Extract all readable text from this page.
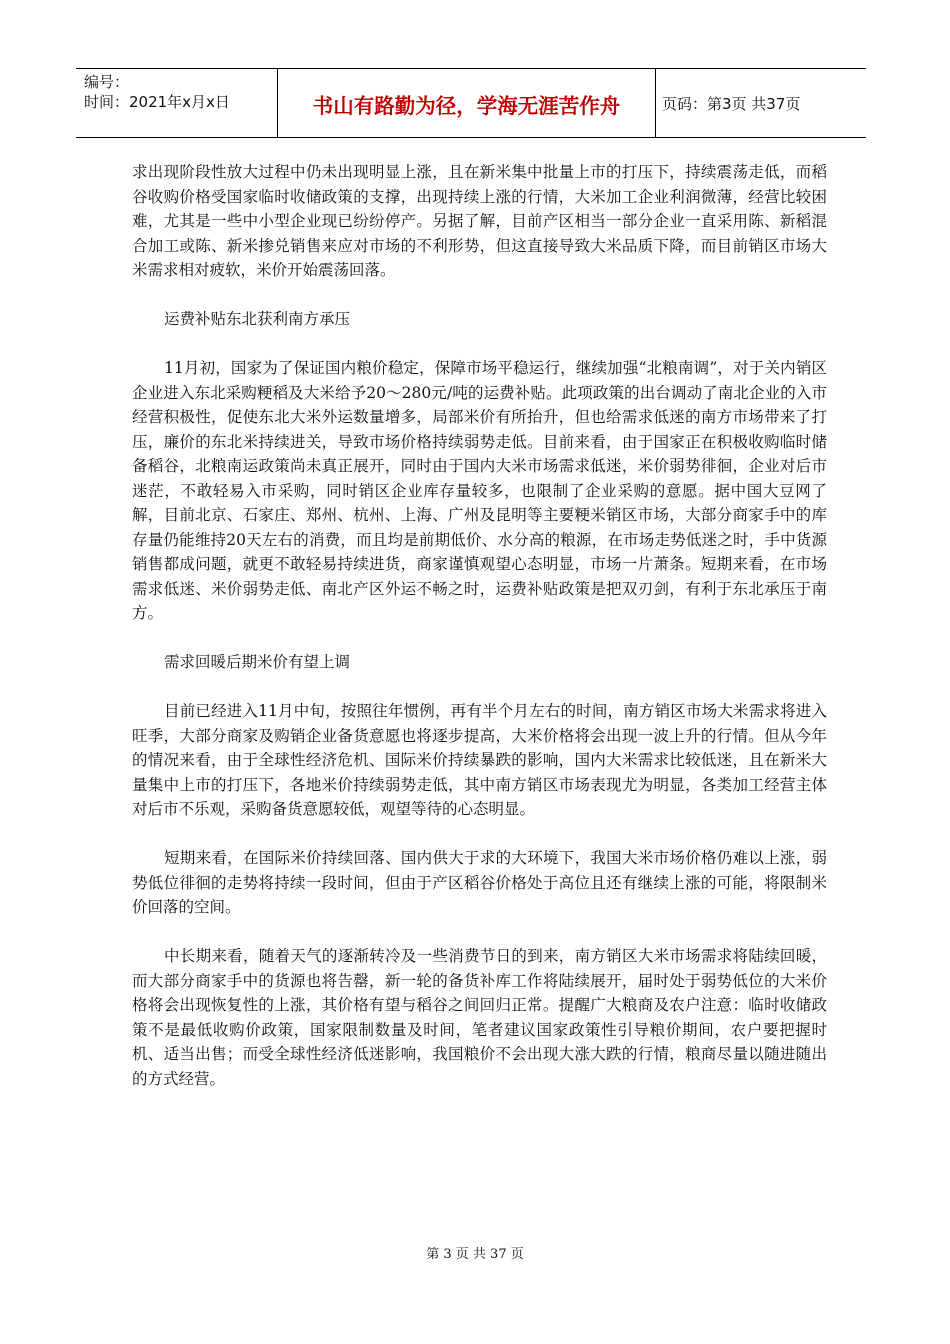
编号：
时间：2021年x月x日	书山有路勤为径，学海无涯苦作舟	页码：第3页 共37页

求出现阶段性放大过程中仍未出现明显上涨，且在新米集中批量上市的打压下，持续震荡走低，而稻谷收购价格受国家临时收储政策的支撑，出现持续上涨的行情，大米加工企业利润微薄，经营比较困难，尤其是一些中小型企业现已纷纷停产。另据了解，目前产区相当一部分企业一直采用陈、新稻混合加工或陈、新米掺兑销售来应对市场的不利形势，但这直接导致大米品质下降，而目前销区市场大米需求相对疲软，米价开始震荡回落。

运费补贴东北获利南方承压

11月初，国家为了保证国内粮价稳定，保障市场平稳运行，继续加强“北粮南调”，对于关内销区企业进入东北采购粳稻及大米给予20～280元/吨的运费补贴。此项政策的出台调动了南北企业的入市经营积极性，促使东北大米外运数量增多，局部米价有所抬升，但也给需求低迷的南方市场带来了打压，廉价的东北米持续进关，导致市场价格持续弱势走低。目前来看，由于国家正在积极收购临时储备稻谷，北粮南运政策尚未真正展开，同时由于国内大米市场需求低迷，米价弱势徘徊，企业对后市迷茫，不敢轻易入市采购，同时销区企业库存量较多，也限制了企业采购的意愿。据中国大豆网了解，目前北京、石家庄、郑州、杭州、上海、广州及昆明等主要粳米销区市场，大部分商家手中的库存量仍能维持20天左右的消费，而且均是前期低价、水分高的粮源，在市场走势低迷之时，手中货源销售都成问题，就更不敢轻易持续进货，商家谨慎观望心态明显，市场一片萧条。短期来看，在市场需求低迷、米价弱势走低、南北产区外运不畅之时，运费补贴政策是把双刃剑，有利于东北承压于南方。

需求回暖后期米价有望上调

目前已经进入11月中旬，按照往年惯例，再有半个月左右的时间，南方销区市场大米需求将进入旺季，大部分商家及购销企业备货意愿也将逐步提高，大米价格将会出现一波上升的行情。但从今年的情况来看，由于全球性经济危机、国际米价持续暴跌的影响，国内大米需求比较低迷，且在新米大量集中上市的打压下，各地米价持续弱势走低，其中南方销区市场表现尤为明显，各类加工经营主体对后市不乐观，采购备货意愿较低，观望等待的心态明显。

短期来看，在国际米价持续回落、国内供大于求的大环境下，我国大米市场价格仍难以上涨，弱势低位徘徊的走势将持续一段时间，但由于产区稻谷价格处于高位且还有继续上涨的可能，将限制米价回落的空间。

中长期来看，随着天气的逐渐转冷及一些消费节日的到来，南方销区大米市场需求将陆续回暖，而大部分商家手中的货源也将告罄，新一轮的备货补库工作将陆续展开，届时处于弱势低位的大米价格将会出现恢复性的上涨，其价格有望与稻谷之间回归正常。提醒广大粮商及农户注意：临时收储政策不是最低收购价政策，国家限制数量及时间，笔者建议国家政策性引导粮价期间，农户要把握时机、适当出售；而受全球性经济低迷影响，我国粮价不会出现大涨大跌的行情，粮商尽量以随进随出的方式经营。

第 3 页 共 37 页
